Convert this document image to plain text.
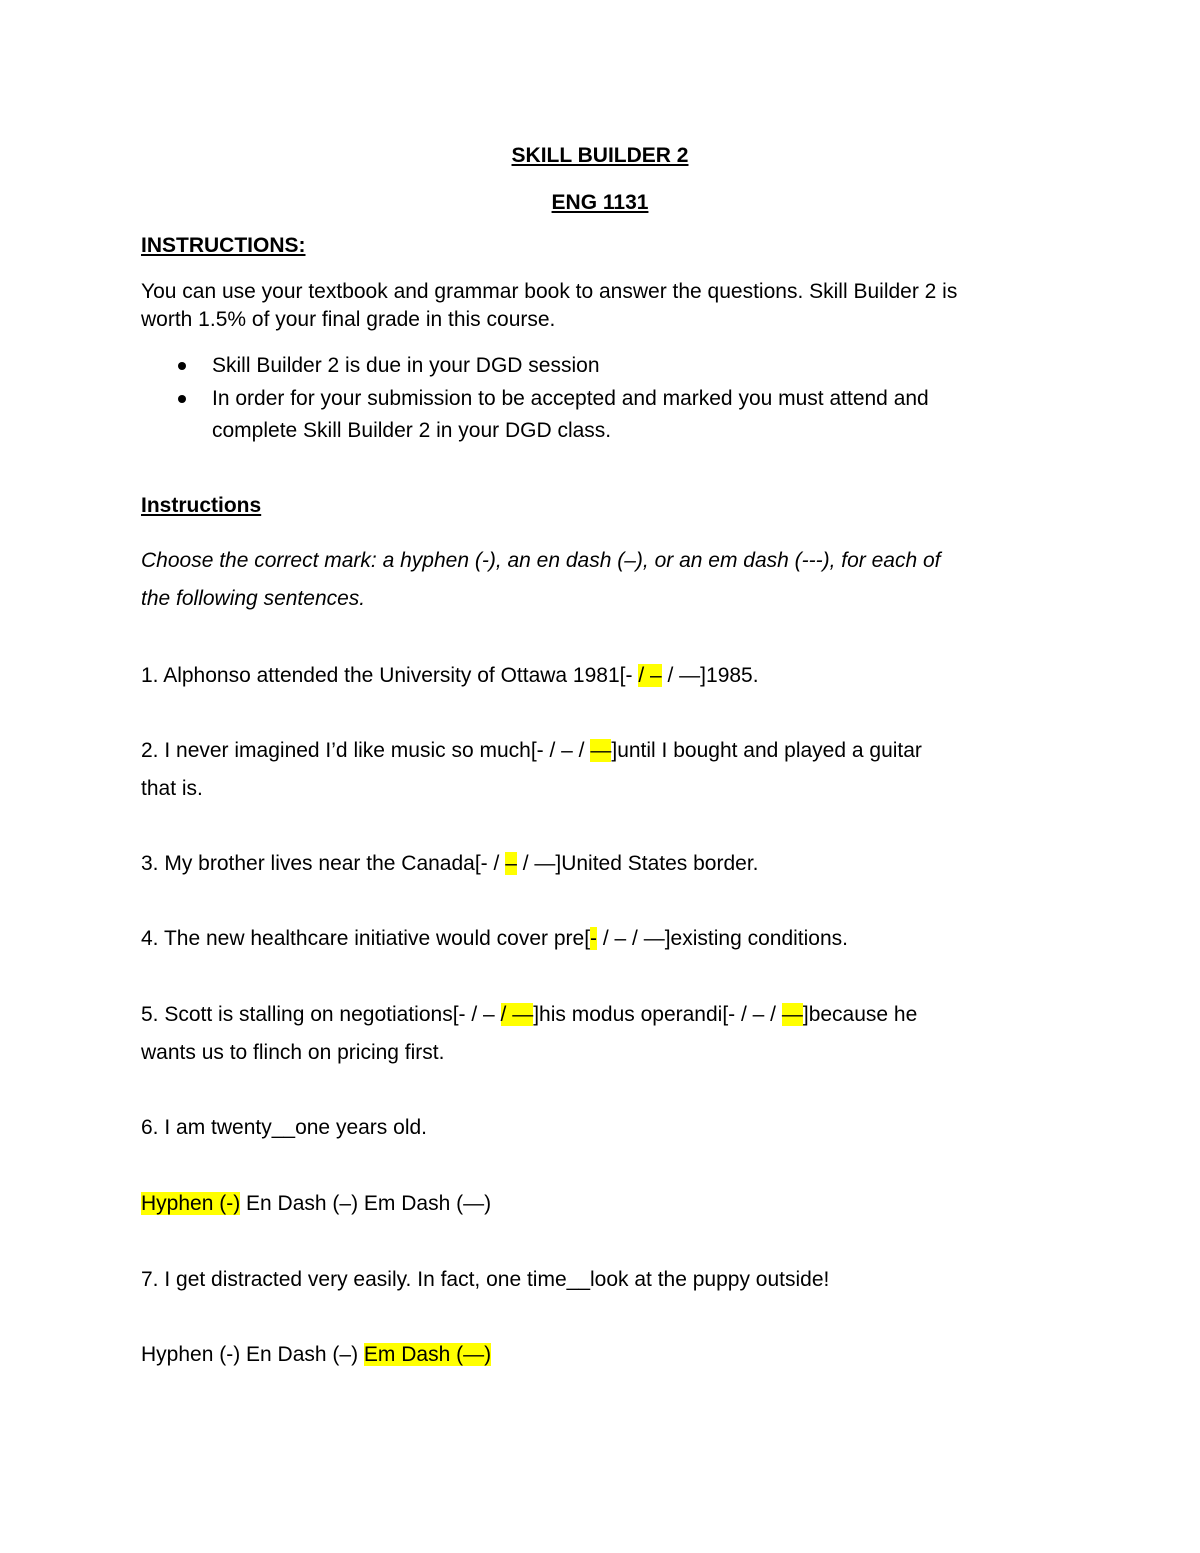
SKILL BUILDER 2
ENG 1131
INSTRUCTIONS:
You can use your textbook and grammar book to answer the questions. Skill Builder 2 is
worth 1.5% of your final grade in this course.
Skill Builder 2 is due in your DGD session
In order for your submission to be accepted and marked you must attend and
complete Skill Builder 2 in your DGD class.
Instructions
Choose the correct mark: a hyphen (-), an en dash (–), or an em dash (---), for each of
the following sentences.
1. Alphonso attended the University of Ottawa 1981[- / – / —]1985.
2. I never imagined I’d like music so much[- / – / —]until I bought and played a guitar
that is.
3. My brother lives near the Canada[- / – / —]United States border.
4. The new healthcare initiative would cover pre[- / – / —]existing conditions.
5. Scott is stalling on negotiations[- / – / —]his modus operandi[- / – / —]because he
wants us to flinch on pricing first.
6. I am twenty__one years old.
Hyphen (-) En Dash (–) Em Dash (—)
7. I get distracted very easily. In fact, one time__look at the puppy outside!
Hyphen (-) En Dash (–) Em Dash (—)
